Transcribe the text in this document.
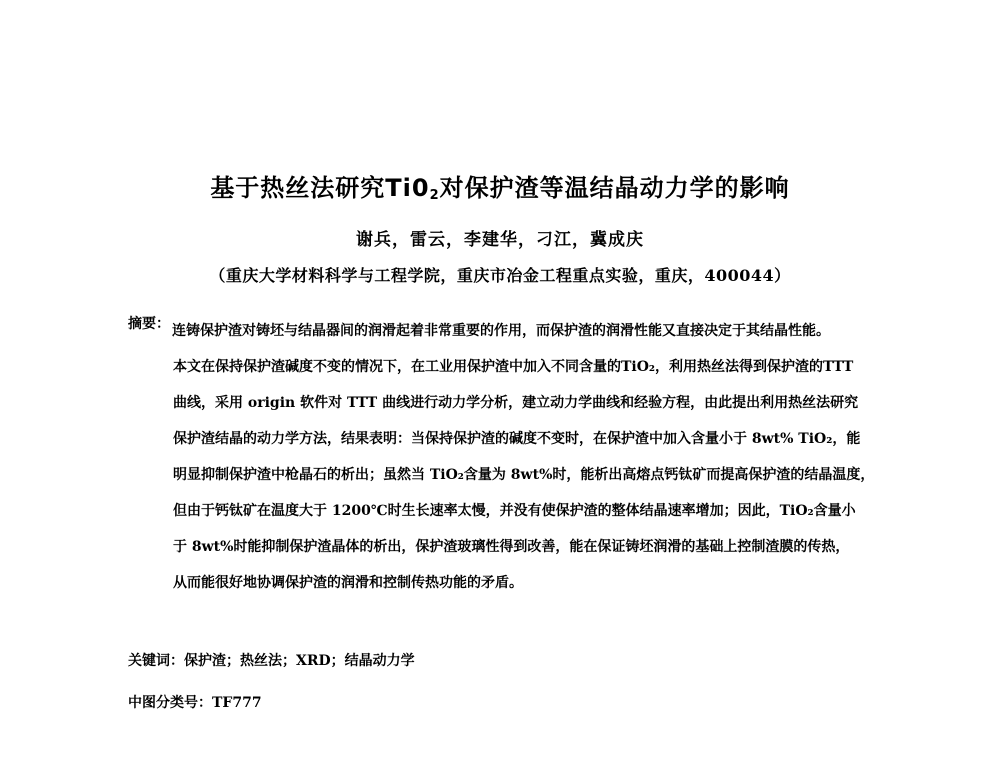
基于热丝法研究$Ti0_2$对保护渣等温结晶动力学的影响
谢兵，雷云，李建华，刁江，冀成庆
（重庆大学材料科学与工程学院，重庆市冶金工程重点实验，重庆，400044）
摘要： 连铸保护渣对铸坯与结晶器间的润滑起着非常重要的作用，而保护渣的润滑性能又直接决定于其结晶性能。
本文在保持保护渣碱度不变的情况下，在工业用保护渣中加入不同含量的TiO₂，利用热丝法得到保护渣的TTT
曲线，采用 origin 软件对 TTT 曲线进行动力学分析，建立动力学曲线和经验方程，由此提出利用热丝法研究
保护渣结晶的动力学方法，结果表明：当保持保护渣的碱度不变时，在保护渣中加入含量小于 8wt% TiO₂，能
明显抑制保护渣中枪晶石的析出；虽然当 TiO₂含量为 8wt%时，能析出高熔点钙钛矿而提高保护渣的结晶温度，
但由于钙钛矿在温度大于 1200℃时生长速率太慢，并没有使保护渣的整体结晶速率增加；因此，TiO₂含量小
于 8wt%时能抑制保护渣晶体的析出，保护渣玻璃性得到改善，能在保证铸坯润滑的基础上控制渣膜的传热，
从而能很好地协调保护渣的润滑和控制传热功能的矛盾。
关键词：保护渣；热丝法；XRD；结晶动力学
中图分类号：TF777
